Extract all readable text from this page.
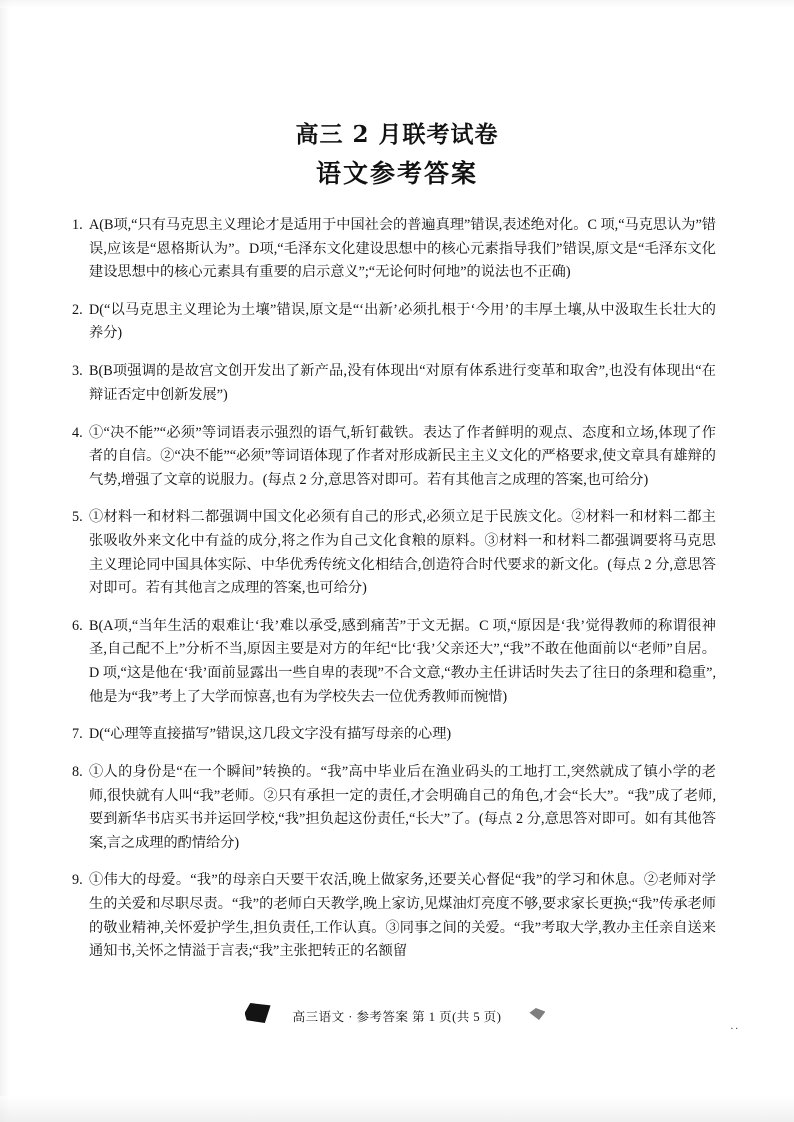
高三 2 月联考试卷
语文参考答案

1. A(B项,“只有马克思主义理论才是适用于中国社会的普遍真理”错误,表述绝对化。C 项,“马克思认为”错误,应该是“恩格斯认为”。D项,“毛泽东文化建设思想中的核心元素指导我们”错误,原文是“毛泽东文化建设思想中的核心元素具有重要的启示意义”;“无论何时何地”的说法也不正确)

2. D(“以马克思主义理论为土壤”错误,原文是“‘出新’必须扎根于‘今用’的丰厚土壤,从中汲取生长壮大的养分)

3. B(B项强调的是故宫文创开发出了新产品,没有体现出“对原有体系进行变革和取舍”,也没有体现出“在辩证否定中创新发展”)

4. ①“决不能”“必须”等词语表示强烈的语气,斩钉截铁。表达了作者鲜明的观点、态度和立场,体现了作者的自信。②“决不能”“必须”等词语体现了作者对形成新民主主义文化的严格要求,使文章具有雄辩的气势,增强了文章的说服力。(每点 2 分,意思答对即可。若有其他言之成理的答案,也可给分)

5. ①材料一和材料二都强调中国文化必须有自己的形式,必须立足于民族文化。②材料一和材料二都主张吸收外来文化中有益的成分,将之作为自己文化食粮的原料。③材料一和材料二都强调要将马克思主义理论同中国具体实际、中华优秀传统文化相结合,创造符合时代要求的新文化。(每点 2 分,意思答对即可。若有其他言之成理的答案,也可给分)

6. B(A项,“当年生活的艰难让‘我’难以承受,感到痛苦”于文无据。C 项,“原因是‘我’觉得教师的称谓很神圣,自己配不上”分析不当,原因主要是对方的年纪“比‘我’父亲还大”,“我”不敢在他面前以“老师”自居。D 项,“这是他在‘我’面前显露出一些自卑的表现”不合文意,“教办主任讲话时失去了往日的条理和稳重”,他是为“我”考上了大学而惊喜,也有为学校失去一位优秀教师而惋惜)

7. D(“心理等直接描写”错误,这几段文字没有描写母亲的心理)

8. ①人的身份是“在一个瞬间”转换的。“我”高中毕业后在渔业码头的工地打工,突然就成了镇小学的老师,很快就有人叫“我”老师。②只有承担一定的责任,才会明确自己的角色,才会“长大”。“我”成了老师,要到新华书店买书并运回学校,“我”担负起这份责任,“长大”了。(每点 2 分,意思答对即可。如有其他答案,言之成理的酌情给分)

9. ①伟大的母爱。“我”的母亲白天要干农活,晚上做家务,还要关心督促“我”的学习和休息。②老师对学生的关爱和尽职尽责。“我”的老师白天教学,晚上家访,见煤油灯亮度不够,要求家长更换;“我”传承老师的敬业精神,关怀爱护学生,担负责任,工作认真。③同事之间的关爱。“我”考取大学,教办主任亲自送来通知书,关怀之情溢于言表;“我”主张把转正的名额留

高三语文 · 参考答案 第 1 页(共 5 页)
..
